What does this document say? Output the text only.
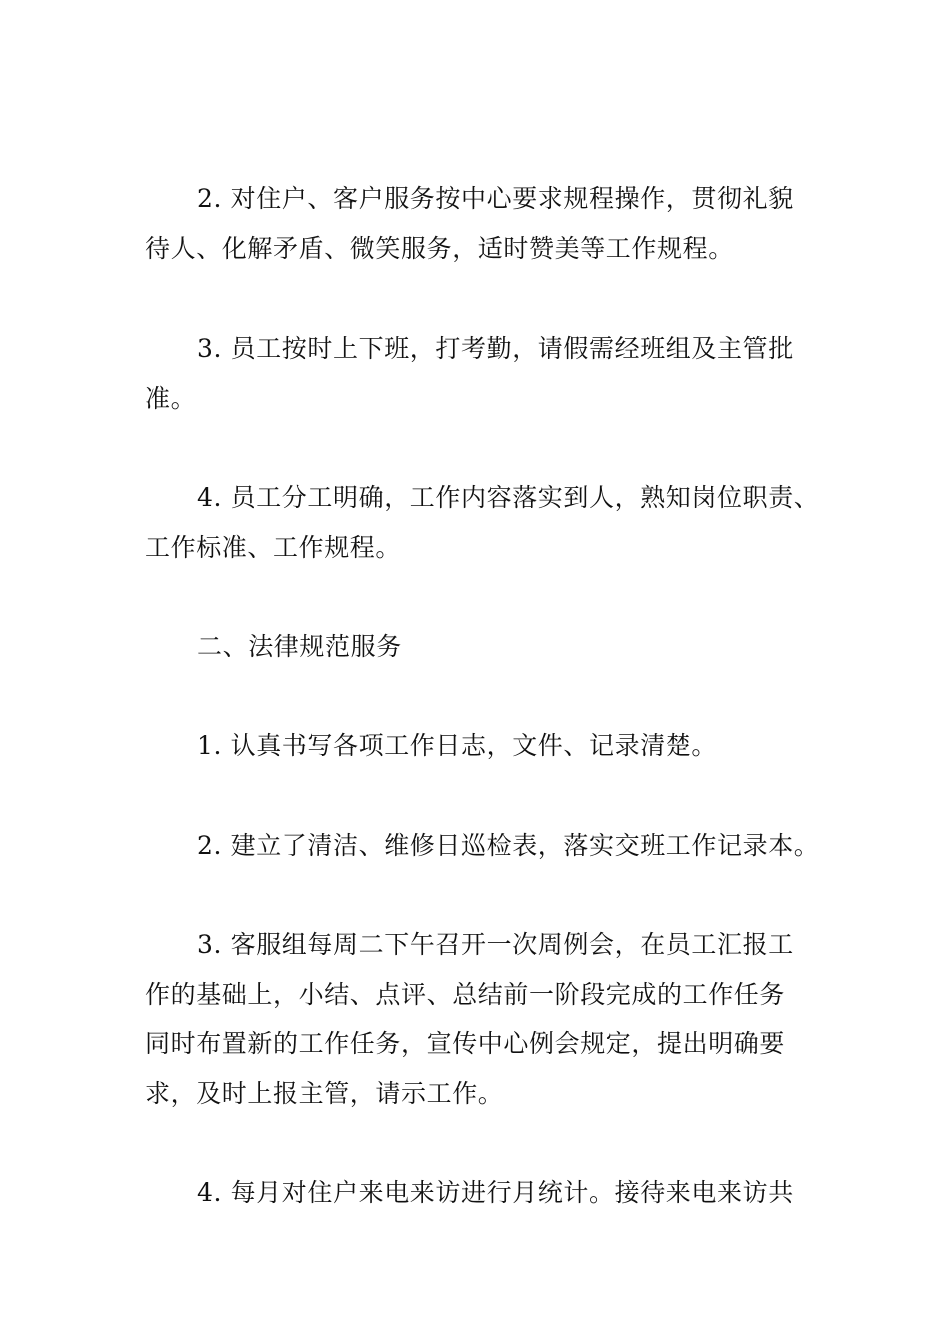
2. 对住户、客户服务按中心要求规程操作，贯彻礼貌
待人、化解矛盾、微笑服务，适时赞美等工作规程。
3. 员工按时上下班，打考勤，请假需经班组及主管批
准。
4. 员工分工明确，工作内容落实到人，熟知岗位职责、
工作标准、工作规程。
二、法律规范服务
1. 认真书写各项工作日志，文件、记录清楚。
2. 建立了清洁、维修日巡检表，落实交班工作记录本。
3. 客服组每周二下午召开一次周例会，在员工汇报工
作的基础上，小结、点评、总结前一阶段完成的工作任务
同时布置新的工作任务，宣传中心例会规定，提出明确要
求，及时上报主管，请示工作。
4. 每月对住户来电来访进行月统计。接待来电来访共
